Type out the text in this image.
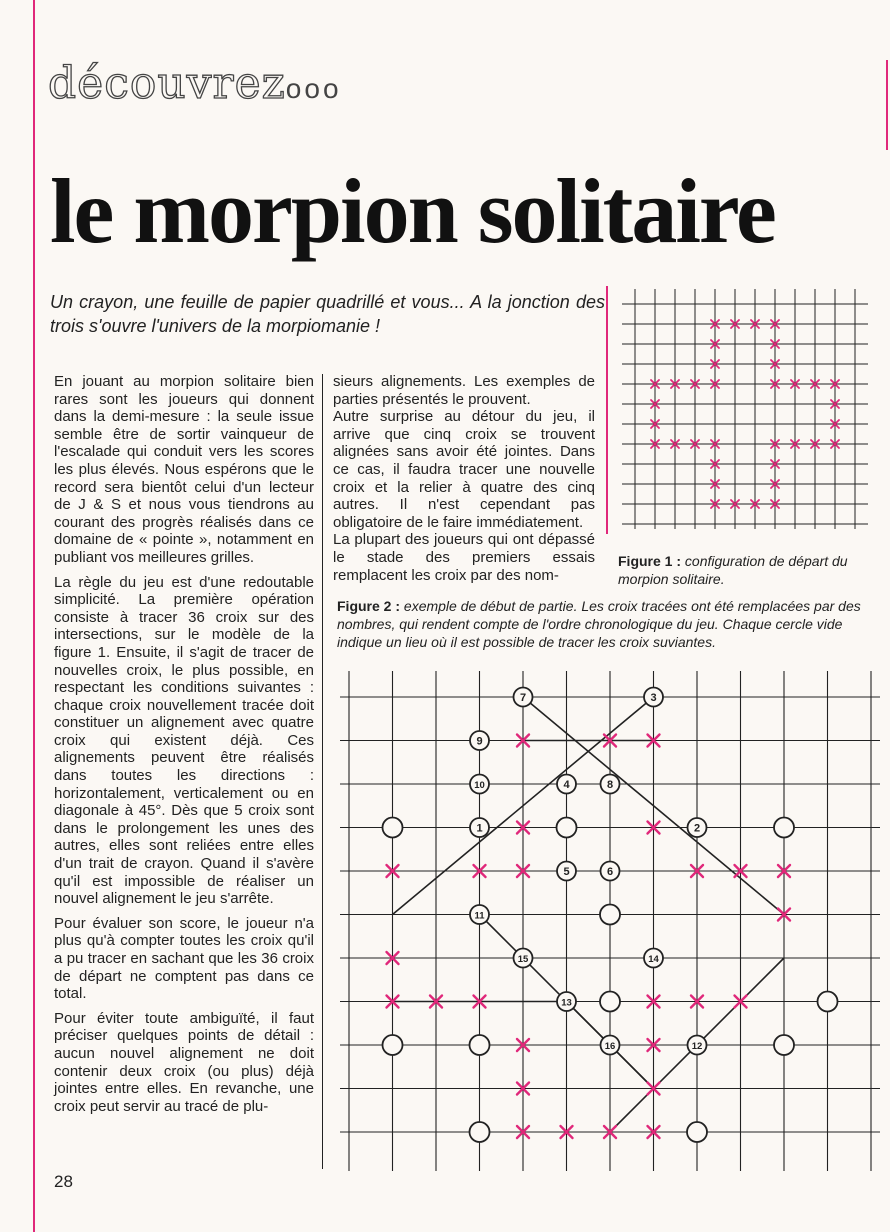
découvrezooo
le morpion solitaire
Un crayon, une feuille de papier quadrillé et vous... A la jonction des trois s'ouvre l'univers de la morpiomanie !

En jouant au morpion solitaire bien rares sont les joueurs qui donnent dans la demi-mesure : la seule issue semble être de sortir vainqueur de l'escalade qui conduit vers les scores les plus élevés. Nous espérons que le record sera bientôt celui d'un lecteur de J & S et nous vous tiendrons au courant des progrès réalisés dans ce domaine de « pointe », notamment en publiant vos meilleures grilles.

La règle du jeu est d'une redoutable simplicité. La première opération consiste à tracer 36 croix sur des intersections, sur le modèle de la figure 1. Ensuite, il s'agit de tracer de nouvelles croix, le plus possible, en respectant les conditions suivantes : chaque croix nouvellement tracée doit constituer un alignement avec quatre croix qui existent déjà. Ces alignements peuvent être réalisés dans toutes les directions : horizontalement, verticalement ou en diagonale à 45°. Dès que 5 croix sont dans le prolongement les unes des autres, elles sont reliées entre elles d'un trait de crayon. Quand il s'avère qu'il est impossible de réaliser un nouvel alignement le jeu s'arrête.

Pour évaluer son score, le joueur n'a plus qu'à compter toutes les croix qu'il a pu tracer en sachant que les 36 croix de départ ne comptent pas dans ce total.

Pour éviter toute ambiguïté, il faut préciser quelques points de détail : aucun nouvel alignement ne doit contenir deux croix (ou plus) déjà jointes entre elles. En revanche, une croix peut servir au tracé de plu-

sieurs alignements. Les exemples de parties présentés le prouvent.

Autre surprise au détour du jeu, il arrive que cinq croix se trouvent alignées sans avoir été jointes. Dans ce cas, il faudra tracer une nouvelle croix et la relier à quatre des cinq autres. Il n'est cependant pas obligatoire de le faire immédiatement.

La plupart des joueurs qui ont dépassé le stade des premiers essais remplacent les croix par des nom-

Figure 1 : configuration de départ du morpion solitaire.
Figure 2 : exemple de début de partie. Les croix tracées ont été remplacées par des nombres, qui rendent compte de l'ordre chronologique du jeu. Chaque cercle vide indique un lieu où il est possible de tracer les croix suviantes.
1	2
3
4
5	6
7
8
9
10
11
12
13
14
15
16
28
